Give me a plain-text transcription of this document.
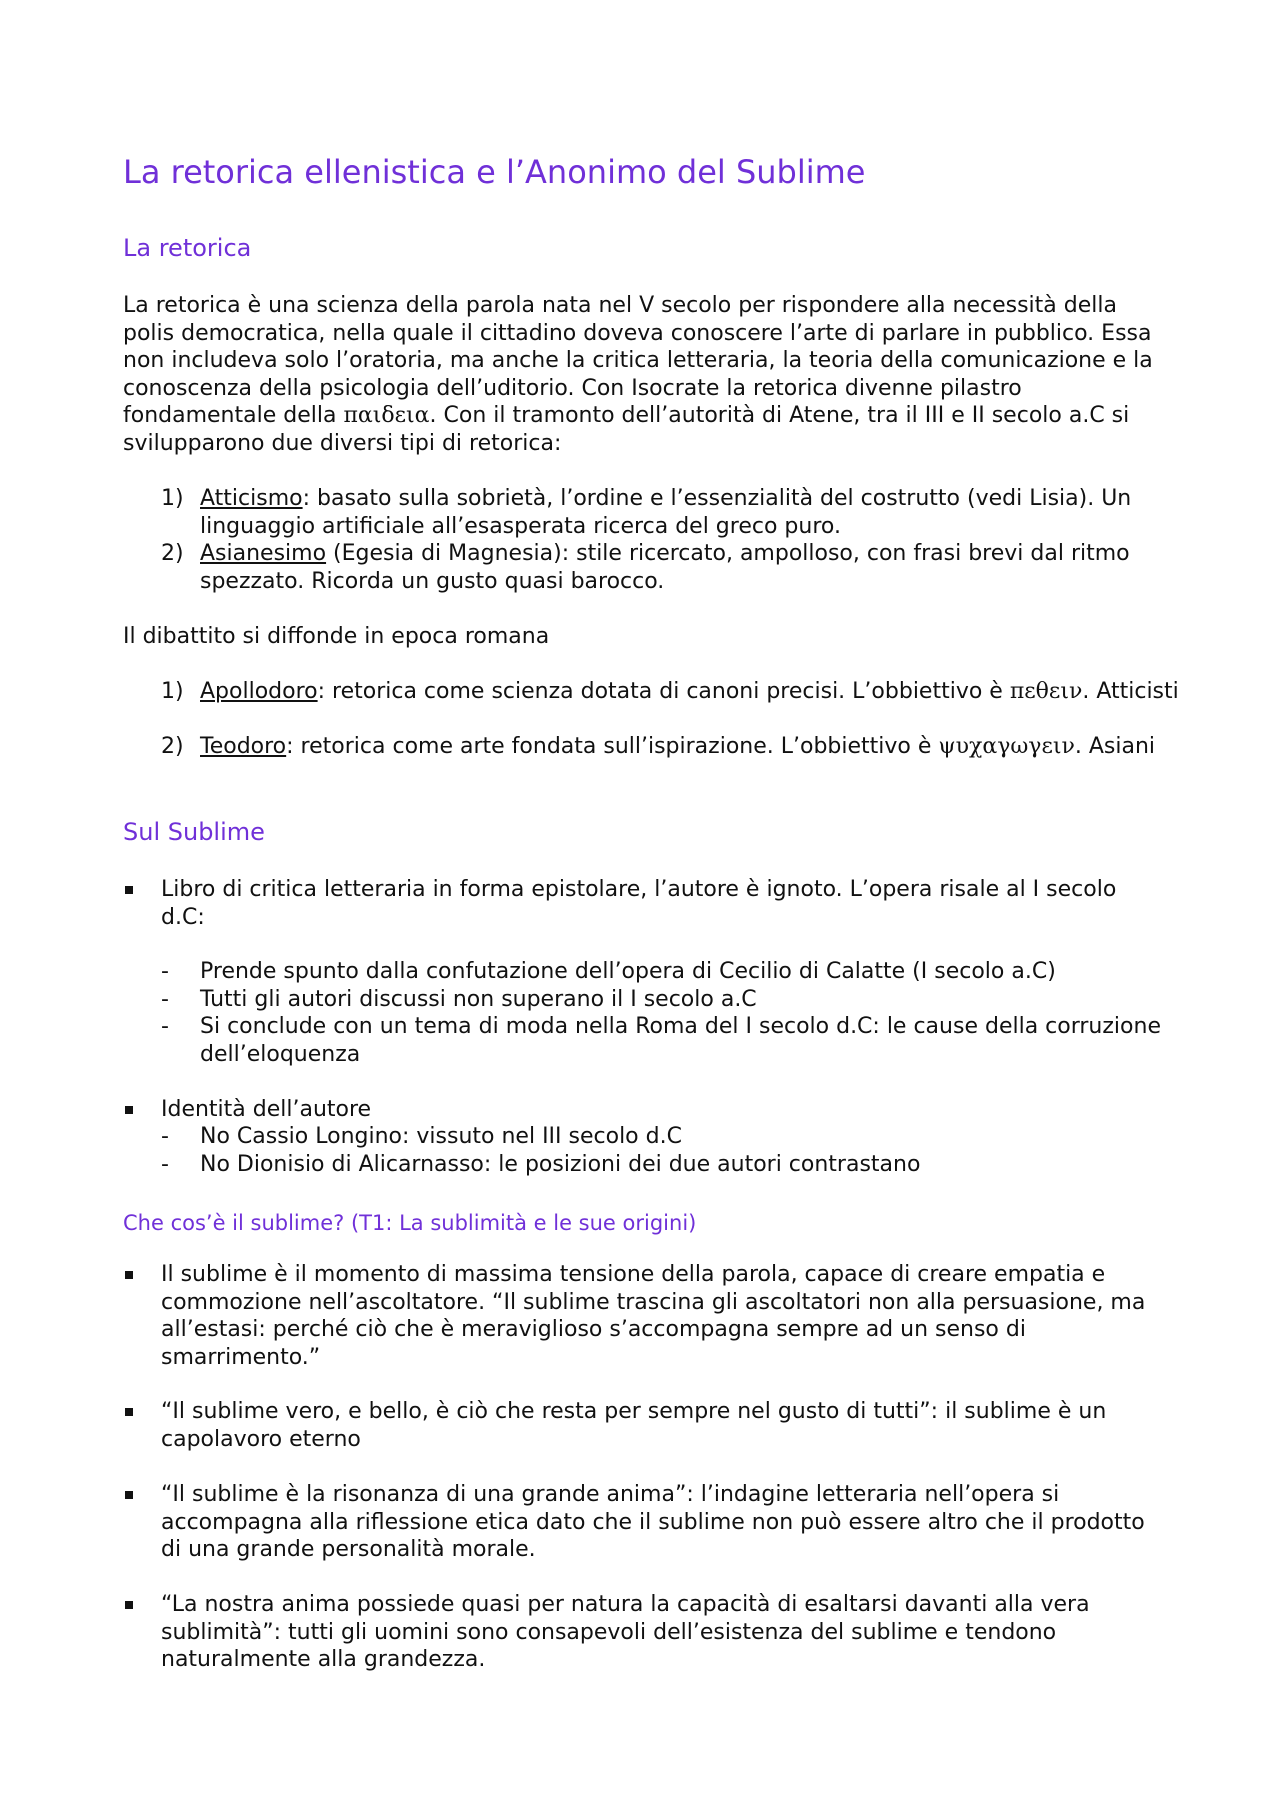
La retorica ellenistica e l’Anonimo del Sublime
La retorica

La retorica è una scienza della parola nata nel V secolo per rispondere alla necessità della polis democratica, nella quale il cittadino doveva conoscere l’arte di parlare in pubblico. Essa non includeva solo l’oratoria, ma anche la critica letteraria, la teoria della comunicazione e la conoscenza della psicologia dell’uditorio. Con Isocrate la retorica divenne pilastro fondamentale della παιδεια. Con il tramonto dell’autorità di Atene, tra il III e II secolo a.C si svilupparono due diversi tipi di retorica:

1) Atticismo: basato sulla sobrietà, l’ordine e l’essenzialità del costrutto (vedi Lisia). Un linguaggio artificiale all’esasperata ricerca del greco puro.
2) Asianesimo (Egesia di Magnesia): stile ricercato, ampolloso, con frasi brevi dal ritmo spezzato. Ricorda un gusto quasi barocco.

Il dibattito si diffonde in epoca romana

1) Apollodoro: retorica come scienza dotata di canoni precisi. L’obbiettivo è πεθειν. Atticisti
2) Teodoro: retorica come arte fondata sull’ispirazione. L’obbiettivo è ψυχαγωγειν. Asiani
Sul Sublime
Libro di critica letteraria in forma epistolare, l’autore è ignoto. L’opera risale al I secolo d.C:
- Prende spunto dalla confutazione dell’opera di Cecilio di Calatte (I secolo a.C)
- Tutti gli autori discussi non superano il I secolo a.C
- Si conclude con un tema di moda nella Roma del I secolo d.C: le cause della corruzione dell’eloquenza
Identità dell’autore
- No Cassio Longino: vissuto nel III secolo d.C
- No Dionisio di Alicarnasso: le posizioni dei due autori contrastano
Che cos’è il sublime? (T1: La sublimità e le sue origini)
Il sublime è il momento di massima tensione della parola, capace di creare empatia e commozione nell’ascoltatore. “Il sublime trascina gli ascoltatori non alla persuasione, ma all’estasi: perché ciò che è meraviglioso s’accompagna sempre ad un senso di smarrimento.”
“Il sublime vero, e bello, è ciò che resta per sempre nel gusto di tutti”: il sublime è un capolavoro eterno
“Il sublime è la risonanza di una grande anima”: l’indagine letteraria nell’opera si accompagna alla riflessione etica dato che il sublime non può essere altro che il prodotto di una grande personalità morale.
“La nostra anima possiede quasi per natura la capacità di esaltarsi davanti alla vera sublimità”: tutti gli uomini sono consapevoli dell’esistenza del sublime e tendono naturalmente alla grandezza.
